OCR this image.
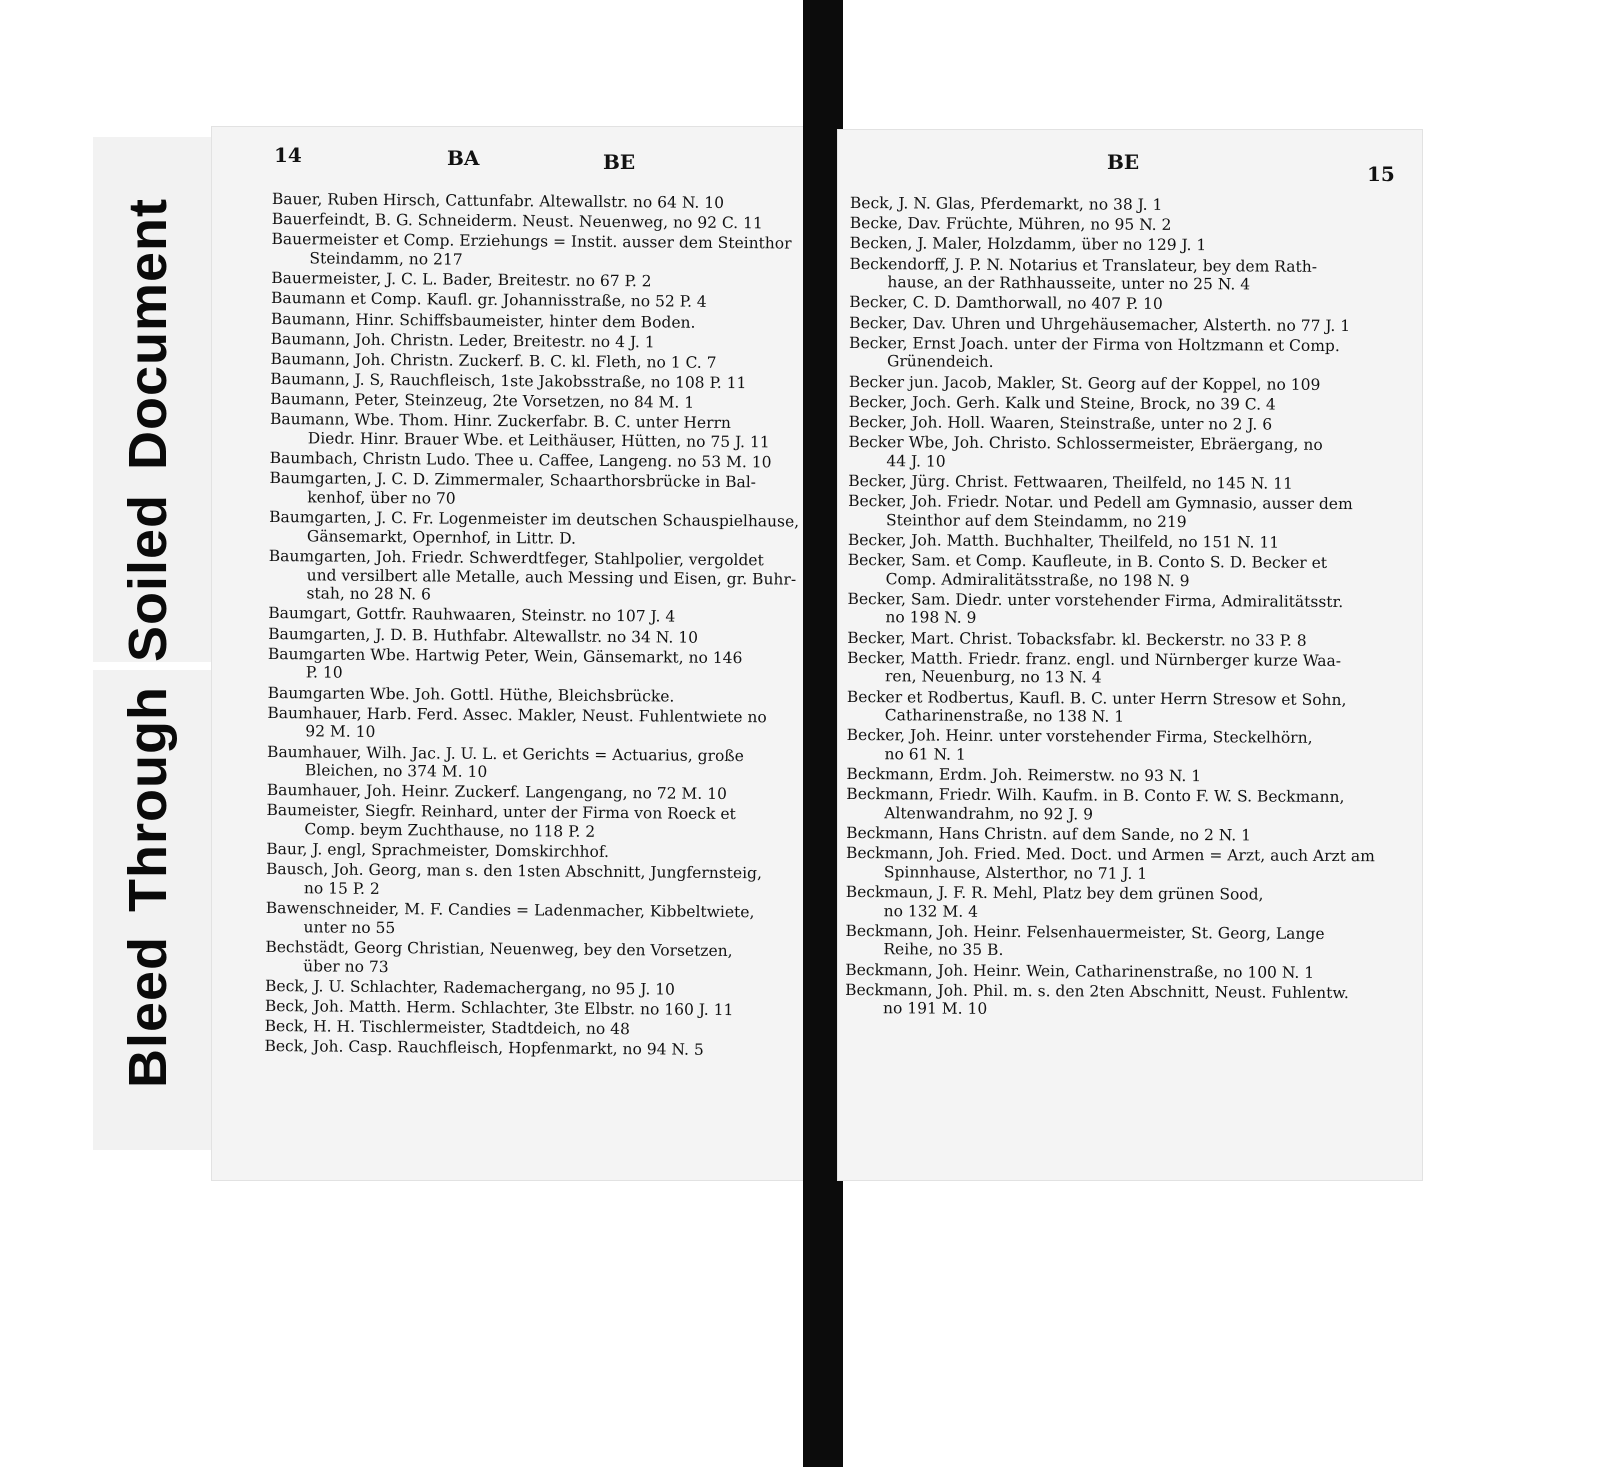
BleedThroughSoiledDocument
14	BA	BE	BE	15
Bauer, Ruben Hirsch, Cattunfabr. Altewallstr. no 64 N. 10
Bauerfeindt, B. G. Schneiderm. Neust. Neuenweg, no 92 C. 11
Bauermeister et Comp. Erziehungs = Instit. ausser dem Steinthor
Steindamm, no 217
Bauermeister, J. C. L. Bader, Breitestr. no 67 P. 2
Baumann et Comp. Kaufl. gr. Johannisstraße, no 52 P. 4
Baumann, Hinr. Schiffsbaumeister, hinter dem Boden.
Baumann, Joh. Christn. Leder, Breitestr. no 4 J. 1
Baumann, Joh. Christn. Zuckerf. B. C. kl. Fleth, no 1 C. 7
Baumann, J. S, Rauchfleisch, 1ste Jakobsstraße, no 108 P. 11
Baumann, Peter, Steinzeug, 2te Vorsetzen, no 84 M. 1
Baumann, Wbe. Thom. Hinr. Zuckerfabr. B. C. unter Herrn
Diedr. Hinr. Brauer Wbe. et Leithäuser, Hütten, no 75 J. 11
Baumbach, Christn Ludo. Thee u. Caffee, Langeng. no 53 M. 10
Baumgarten, J. C. D. Zimmermaler, Schaarthorsbrücke in Bal-
kenhof, über no 70
Baumgarten, J. C. Fr. Logenmeister im deutschen Schauspielhause,
Gänsemarkt, Opernhof, in Littr. D.
Baumgarten, Joh. Friedr. Schwerdtfeger, Stahlpolier, vergoldet
und versilbert alle Metalle, auch Messing und Eisen, gr. Buhr-
stah, no 28 N. 6
Baumgart, Gottfr. Rauhwaaren, Steinstr. no 107 J. 4
Baumgarten, J. D. B. Huthfabr. Altewallstr. no 34 N. 10
Baumgarten Wbe. Hartwig Peter, Wein, Gänsemarkt, no 146
P. 10
Baumgarten Wbe. Joh. Gottl. Hüthe, Bleichsbrücke.
Baumhauer, Harb. Ferd. Assec. Makler, Neust. Fuhlentwiete no
92 M. 10
Baumhauer, Wilh. Jac. J. U. L. et Gerichts = Actuarius, große
Bleichen, no 374 M. 10
Baumhauer, Joh. Heinr. Zuckerf. Langengang, no 72 M. 10
Baumeister, Siegfr. Reinhard, unter der Firma von Roeck et
Comp. beym Zuchthause, no 118 P. 2
Baur, J. engl, Sprachmeister, Domskirchhof.
Bausch, Joh. Georg, man s. den 1sten Abschnitt, Jungfernsteig,
no 15 P. 2
Bawenschneider, M. F. Candies = Ladenmacher, Kibbeltwiete,
unter no 55
Bechstädt, Georg Christian, Neuenweg, bey den Vorsetzen,
über no 73
Beck, J. U. Schlachter, Rademachergang, no 95 J. 10
Beck, Joh. Matth. Herm. Schlachter, 3te Elbstr. no 160 J. 11
Beck, H. H. Tischlermeister, Stadtdeich, no 48
Beck, Joh. Casp. Rauchfleisch, Hopfenmarkt, no 94 N. 5
Beck, J. N. Glas, Pferdemarkt, no 38 J. 1
Becke, Dav. Früchte, Mühren, no 95 N. 2
Becken, J. Maler, Holzdamm, über no 129 J. 1
Beckendorff, J. P. N. Notarius et Translateur, bey dem Rath-
hause, an der Rathhausseite, unter no 25 N. 4
Becker, C. D. Damthorwall, no 407 P. 10
Becker, Dav. Uhren und Uhrgehäusemacher, Alsterth. no 77 J. 1
Becker, Ernst Joach. unter der Firma von Holtzmann et Comp.
Grünendeich.
Becker jun. Jacob, Makler, St. Georg auf der Koppel, no 109
Becker, Joch. Gerh. Kalk und Steine, Brock, no 39 C. 4
Becker, Joh. Holl. Waaren, Steinstraße, unter no 2 J. 6
Becker Wbe, Joh. Christo. Schlossermeister, Ebräergang, no
44 J. 10
Becker, Jürg. Christ. Fettwaaren, Theilfeld, no 145 N. 11
Becker, Joh. Friedr. Notar. und Pedell am Gymnasio, ausser dem
Steinthor auf dem Steindamm, no 219
Becker, Joh. Matth. Buchhalter, Theilfeld, no 151 N. 11
Becker, Sam. et Comp. Kaufleute, in B. Conto S. D. Becker et
Comp. Admiralitätsstraße, no 198 N. 9
Becker, Sam. Diedr. unter vorstehender Firma, Admiralitätsstr.
no 198 N. 9
Becker, Mart. Christ. Tobacksfabr. kl. Beckerstr. no 33 P. 8
Becker, Matth. Friedr. franz. engl. und Nürnberger kurze Waa-
ren, Neuenburg, no 13 N. 4
Becker et Rodbertus, Kaufl. B. C. unter Herrn Stresow et Sohn,
Catharinenstraße, no 138 N. 1
Becker, Joh. Heinr. unter vorstehender Firma, Steckelhörn,
no 61 N. 1
Beckmann, Erdm. Joh. Reimerstw. no 93 N. 1
Beckmann, Friedr. Wilh. Kaufm. in B. Conto F. W. S. Beckmann,
Altenwandrahm, no 92 J. 9
Beckmann, Hans Christn. auf dem Sande, no 2 N. 1
Beckmann, Joh. Fried. Med. Doct. und Armen = Arzt, auch Arzt am
Spinnhause, Alsterthor, no 71 J. 1
Beckmaun, J. F. R. Mehl, Platz bey dem grünen Sood,
no 132 M. 4
Beckmann, Joh. Heinr. Felsenhauermeister, St. Georg, Lange
Reihe, no 35 B.
Beckmann, Joh. Heinr. Wein, Catharinenstraße, no 100 N. 1
Beckmann, Joh. Phil. m. s. den 2ten Abschnitt, Neust. Fuhlentw.
no 191 M. 10
